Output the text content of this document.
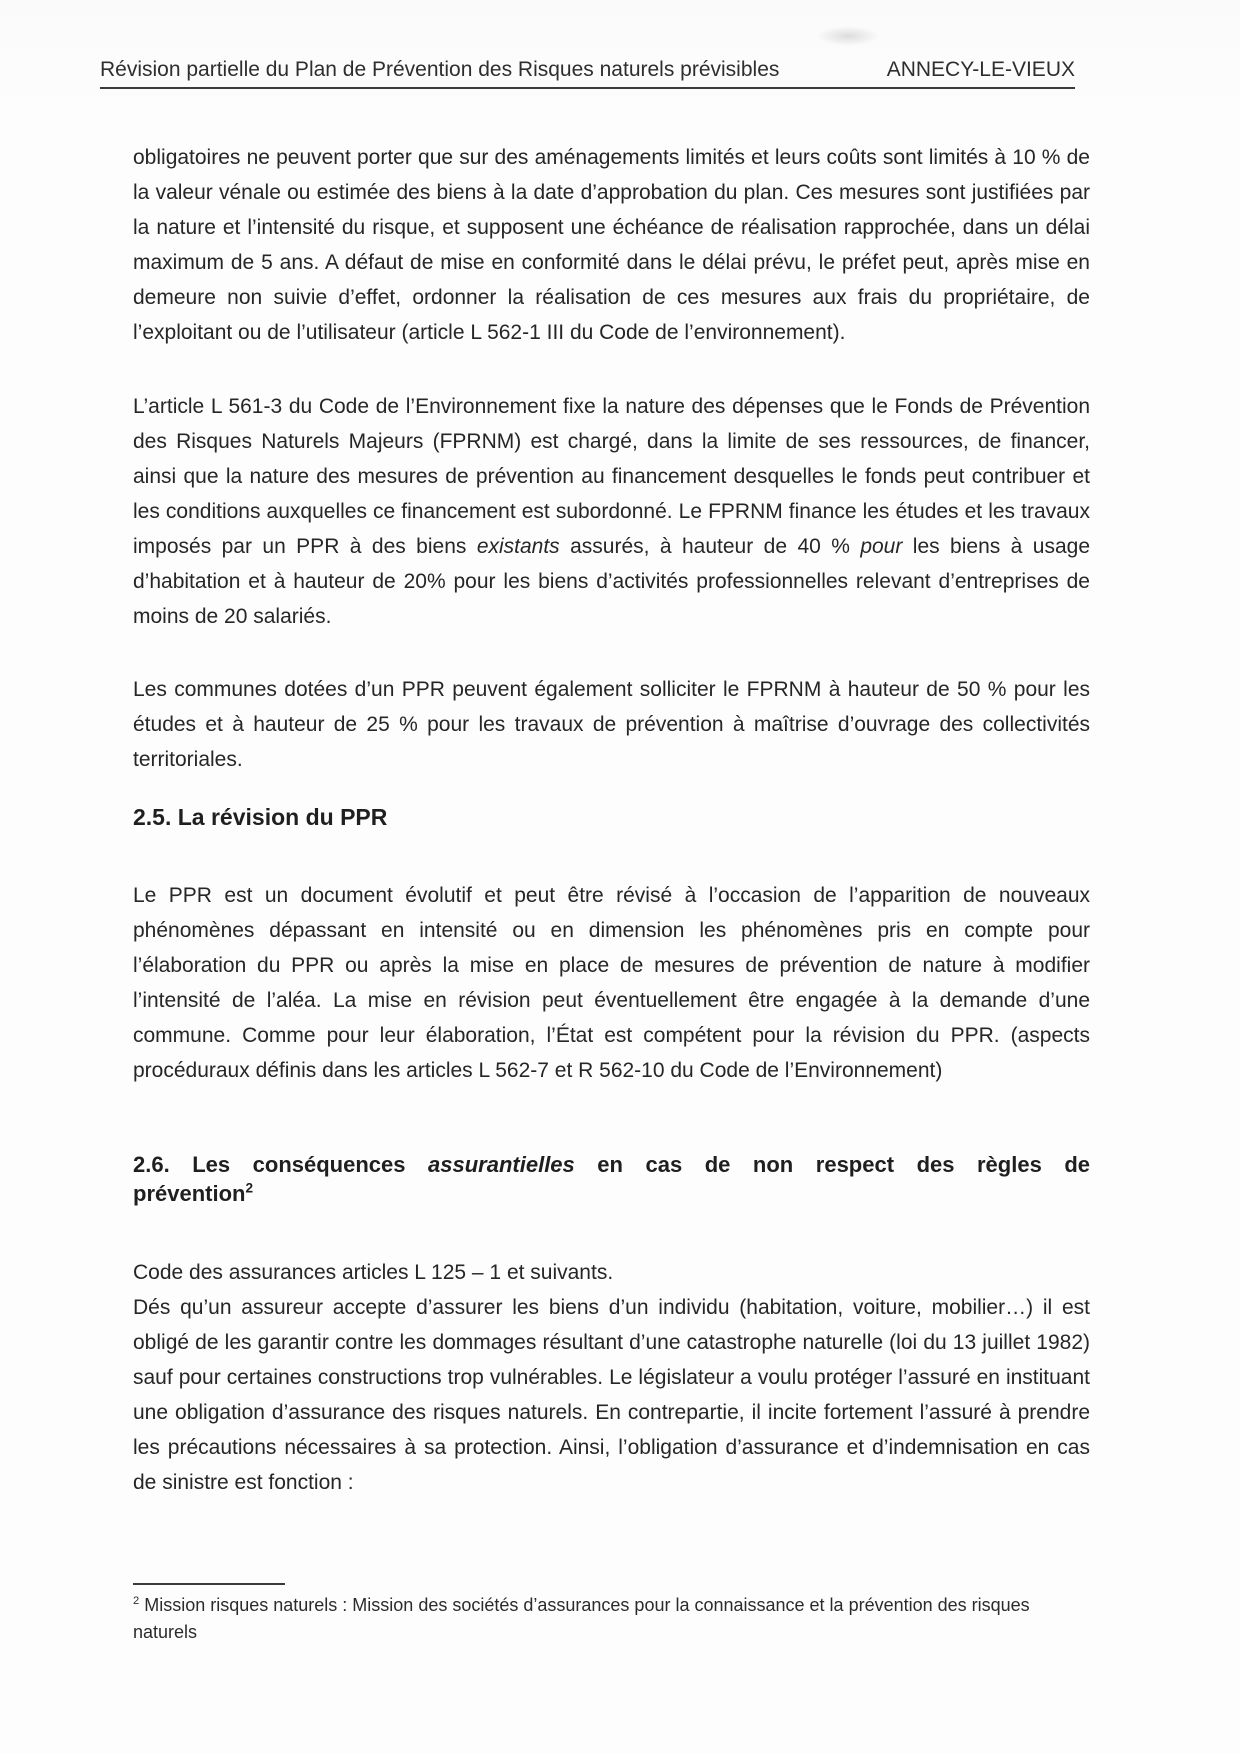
Révision partielle du Plan de Prévention des Risques naturels prévisibles	ANNECY-LE-VIEUX
obligatoires ne peuvent porter que sur des aménagements limités et leurs coûts sont limités à 10 % de la valeur vénale ou estimée des biens à la date d’approbation du plan. Ces mesures sont justifiées par la nature et l’intensité du risque, et supposent une échéance de réalisation rapprochée, dans un délai maximum de 5 ans. A défaut de mise en conformité dans le délai prévu, le préfet peut, après mise en demeure non suivie d’effet, ordonner la réalisation de ces mesures aux frais du propriétaire, de l’exploitant ou de l’utilisateur (article L 562-1 III du Code de l’environnement).
L’article L 561-3 du Code de l’Environnement fixe la nature des dépenses que le Fonds de Prévention des Risques Naturels Majeurs (FPRNM) est chargé, dans la limite de ses ressources, de financer, ainsi que la nature des mesures de prévention au financement desquelles le fonds peut contribuer et les conditions auxquelles ce financement est subordonné. Le FPRNM finance les études et les travaux imposés par un PPR à des biens existants assurés, à hauteur de 40 % pour les biens à usage d’habitation et à hauteur de 20% pour les biens d’activités professionnelles relevant d’entreprises de moins de 20 salariés.
Les communes dotées d’un PPR peuvent également solliciter le FPRNM à hauteur de 50 % pour les études et à hauteur de 25 % pour les travaux de prévention à maîtrise d’ouvrage des collectivités territoriales.
2.5. La révision du PPR
Le PPR est un document évolutif et peut être révisé à l’occasion de l’apparition de nouveaux phénomènes dépassant en intensité ou en dimension les phénomènes pris en compte pour l’élaboration du PPR ou après la mise en place de mesures de prévention de nature à modifier l’intensité de l’aléa. La mise en révision peut éventuellement être engagée à la demande d’une commune. Comme pour leur élaboration, l’État est compétent pour la révision du PPR. (aspects procéduraux définis dans les articles L 562-7 et R 562-10 du Code de l’Environnement)
2.6. Les conséquences assurantielles en cas de non respect des règles de
prévention$^2$
Code des assurances articles L 125 – 1 et suivants.
Dés qu’un assureur accepte d’assurer les biens d’un individu (habitation, voiture, mobilier…) il est obligé de les garantir contre les dommages résultant d’une catastrophe naturelle (loi du 13 juillet 1982) sauf pour certaines constructions trop vulnérables. Le législateur a voulu protéger l’assuré en instituant une obligation d’assurance des risques naturels. En contrepartie, il incite fortement l’assuré à prendre les précautions nécessaires à sa protection. Ainsi, l’obligation d’assurance et d’indemnisation en cas de sinistre est fonction :
$^2$ Mission risques naturels : Mission des sociétés d’assurances pour la connaissance et la prévention des risques naturels
